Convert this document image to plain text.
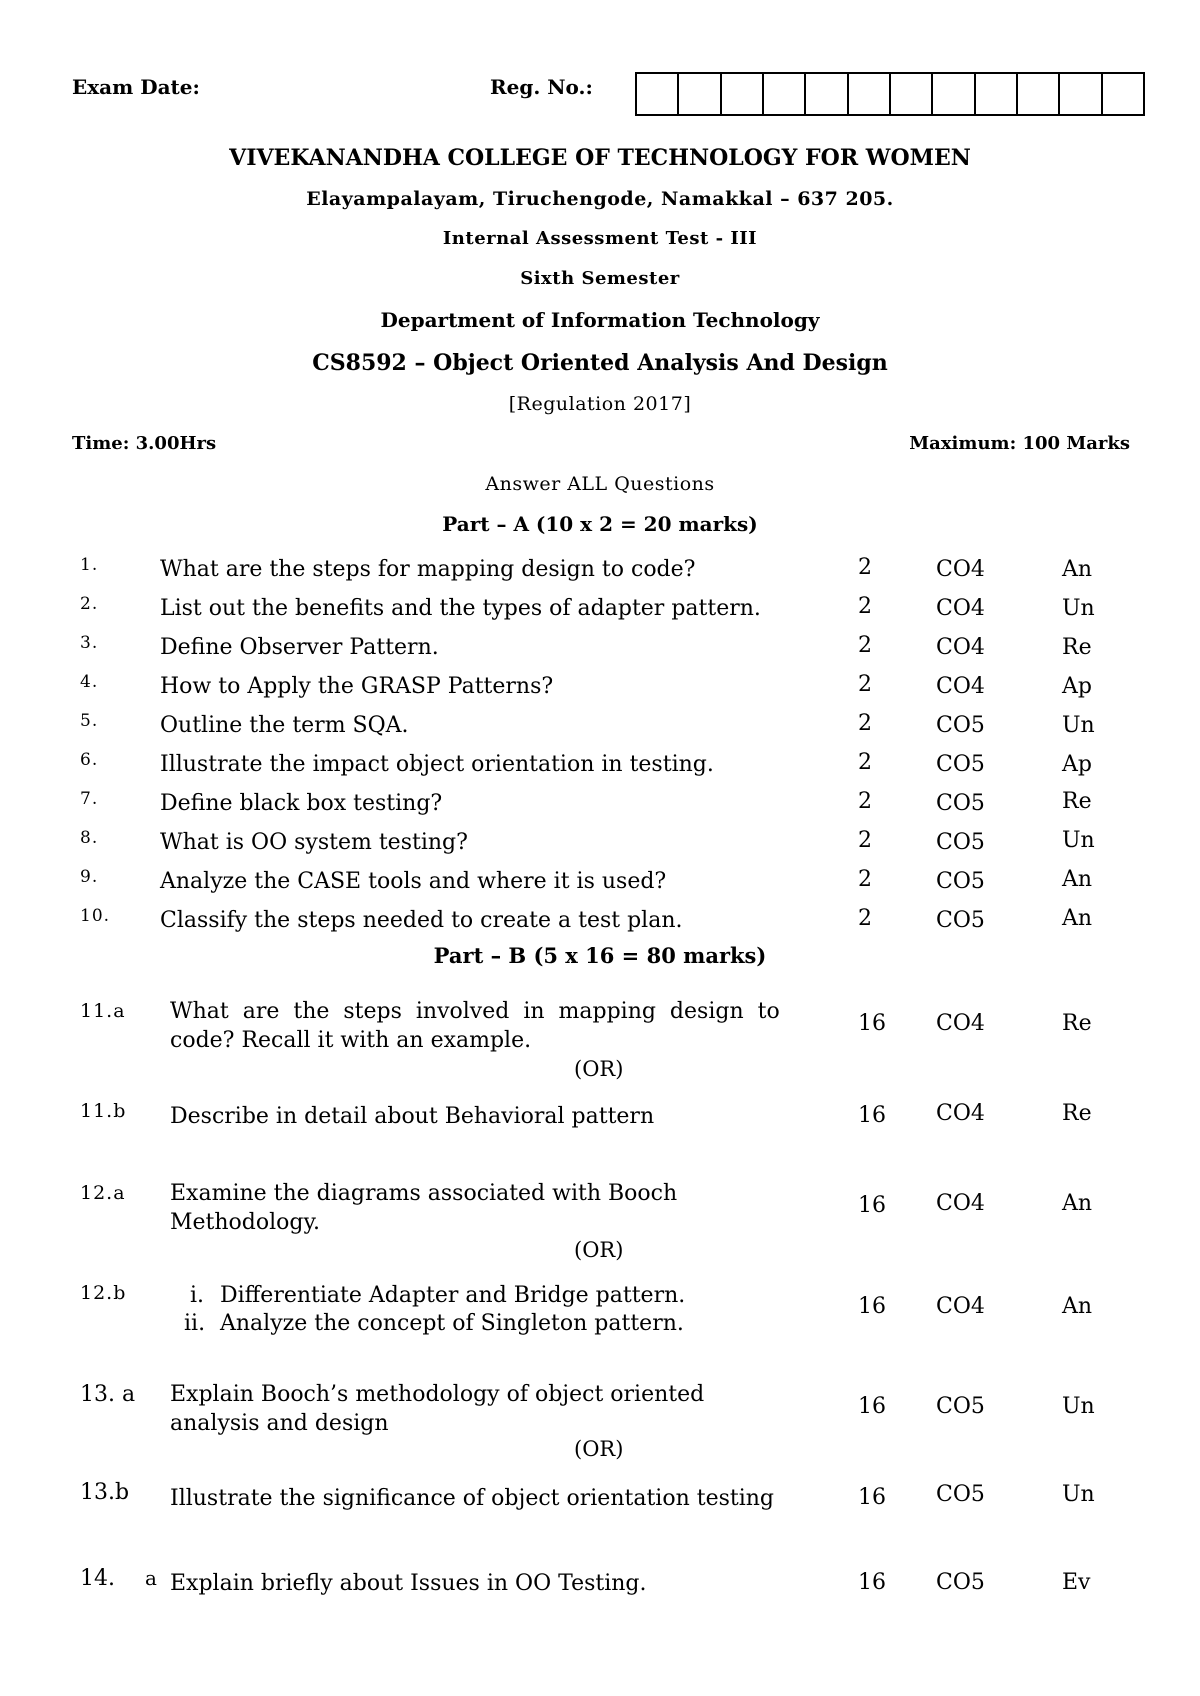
Exam Date:	Reg. No.:
VIVEKANANDHA COLLEGE OF TECHNOLOGY FOR WOMEN
Elayampalayam, Tiruchengode, Namakkal – 637 205.
Internal Assessment Test - III
Sixth Semester
Department of Information Technology
CS8592 – Object Oriented Analysis And Design
[Regulation 2017]
Time: 3.00Hrs	Maximum: 100 Marks
Answer ALL Questions
Part – A (10 x 2 = 20 marks)
1.	What are the steps for mapping design to code?	2	CO4	An
2.	List out the benefits and the types of adapter pattern.	2	CO4	Un
3.	Define Observer Pattern.	2	CO4	Re
4.	How to Apply the GRASP Patterns?	2	CO4	Ap
5.	Outline the term SQA.	2	CO5	Un
6.	Illustrate the impact object orientation in testing.	2	CO5	Ap
7.	Define black box testing?	2	CO5	Re
8.	What is OO system testing?	2	CO5	Un
9.	Analyze the CASE tools and where it is used?	2	CO5	An
10. Classify the steps needed to create a test plan.	2	CO5	An
Part – B (5 x 16 = 80 marks)
11.a What  are  the  steps  involved  in  mapping  design  to
code? Recall it with an example.
16 CO4	Re
(OR)
11.b Describe in detail about Behavioral pattern	16 CO4	Re
12.a Examine the diagrams associated with Booch
Methodology.
16 CO4	An
(OR)
12.b	i. Differentiate Adapter and Bridge pattern.
ii. Analyze the concept of Singleton pattern.
16 CO4	An
13. a Explain Booch’s methodology of object oriented
analysis and design
16 CO5	Un
(OR)
13.b Illustrate the significance of object orientation testing	16 CO5	Un
14. a Explain briefly about Issues in OO Testing.	16 CO5	Ev
